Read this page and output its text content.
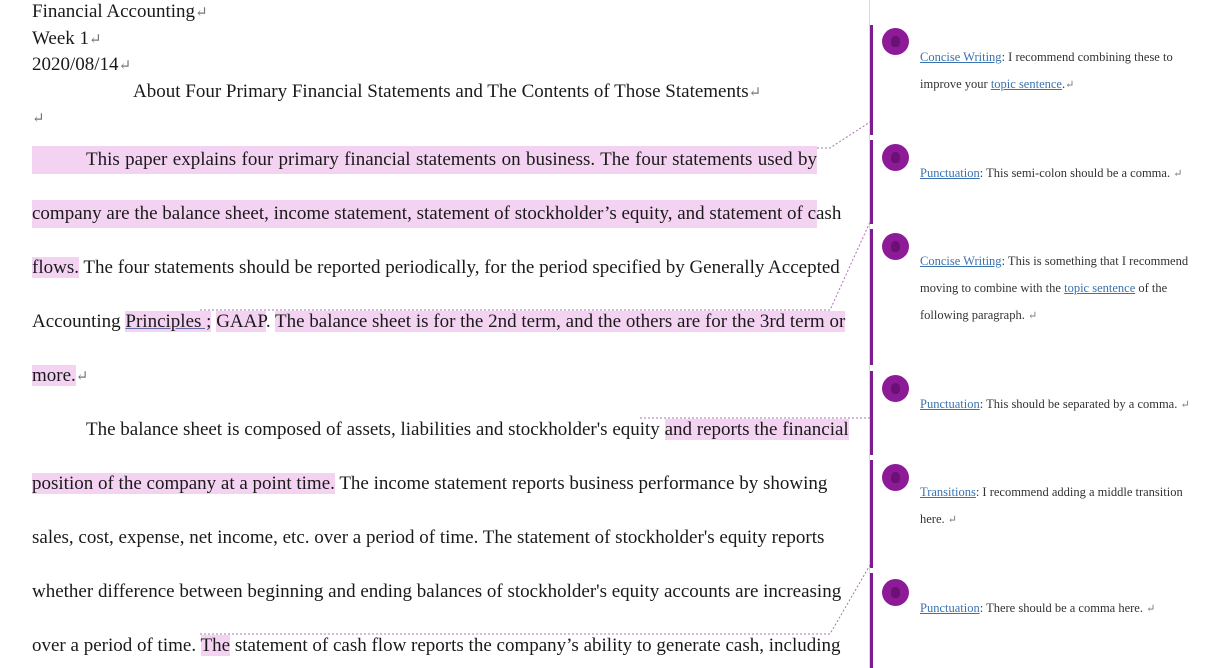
Financial Accounting↵
Week 1↵
2020/08/14↵
About Four Primary Financial Statements and The Contents of Those Statements↵
↵
This paper explains four primary financial statements on business. The four statements used by
company are the balance sheet, income statement, statement of stockholder’s equity, and statement of cash
flows. The four statements should be reported periodically, for the period specified by Generally Accepted
Accounting Principles ; GAAP. The balance sheet is for the 2nd term, and the others are for the 3rd term or
more.↵
The balance sheet is composed of assets, liabilities and stockholder's equity and reports the financial
position of the company at a point time. The income statement reports business performance by showing
sales, cost, expense, net income, etc. over a period of time. The statement of stockholder's equity reports
whether difference between beginning and ending balances of stockholder's equity accounts are increasing
over a period of time. The statement of cash flow reports the company’s ability to generate cash, including
Concise Writing: I recommend combining these to improve your topic sentence.↵
Punctuation: This semi-colon should be a comma. ↵
Concise Writing: This is something that I recommend moving to combine with the topic sentence of the following paragraph. ↵
Punctuation: This should be separated by a comma. ↵
Transitions: I recommend adding a middle transition here. ↵
Punctuation: There should be a comma here. ↵
